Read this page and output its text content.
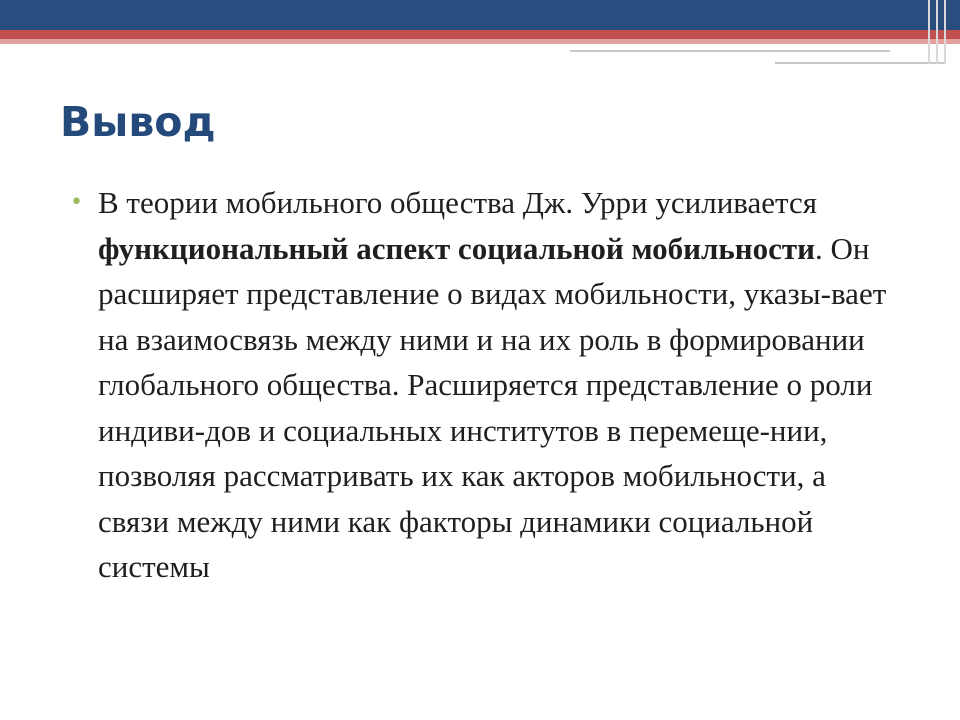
Вывод
• В теории мобильного общества Дж. Урри усиливается функциональный аспект социальной мобильности. Он расширяет представление о видах мобильности, указы-вает на взаимосвязь между ними и на их роль в формировании глобального общества. Расширяется представление о роли индиви-дов и социальных институтов в перемеще-нии, позволяя рассматривать их как акторов мобильности, а связи между ними как факторы динамики социальной системы
